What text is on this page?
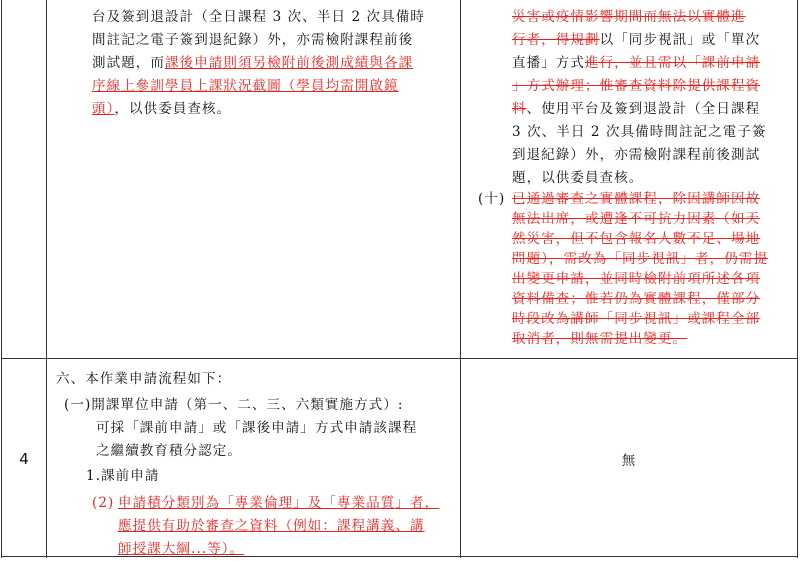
台及簽到退設計（全日課程 3 次、半日 2 次具備時
間註記之電子簽到退紀錄）外，亦需檢附課程前後
測試題，而課後申請則須另檢附前後測成績與各課
序線上參訓學員上課狀況截圖（學員均需開啟鏡
頭），以供委員查核。
災害或疫情影響期間而無法以實體進
行者，得規劃以「同步視訊」或「單次
直播」方式進行，並且需以「課前申請
」方式辦理；惟審查資料除提供課程資
料、使用平台及簽到退設計（全日課程
3 次、半日 2 次具備時間註記之電子簽
到退紀錄）外，亦需檢附課程前後測試
題，以供委員查核。
(十) 已通過審查之實體課程，除因講師因故
無法出席，或遭逢不可抗力因素（如天
然災害，但不包含報名人數不足、場地
問題），需改為「同步視訊」者，仍需提
出變更申請，並同時檢附前項所述各項
資料備查；惟若仍為實體課程，僅部分
時段改為講師「同步視訊」或課程全部
取消者，則無需提出變更。
4
六、本作業申請流程如下：
(一)開課單位申請（第一、二、三、六類實施方式）:
可採「課前申請」或「課後申請」方式申請該課程
之繼續教育積分認定。
1.課前申請
(2) 申請積分類別為「專業倫理」及「專業品質」者，
應提供有助於審查之資料（例如：課程講義、講
師授課大綱...等）。
無
